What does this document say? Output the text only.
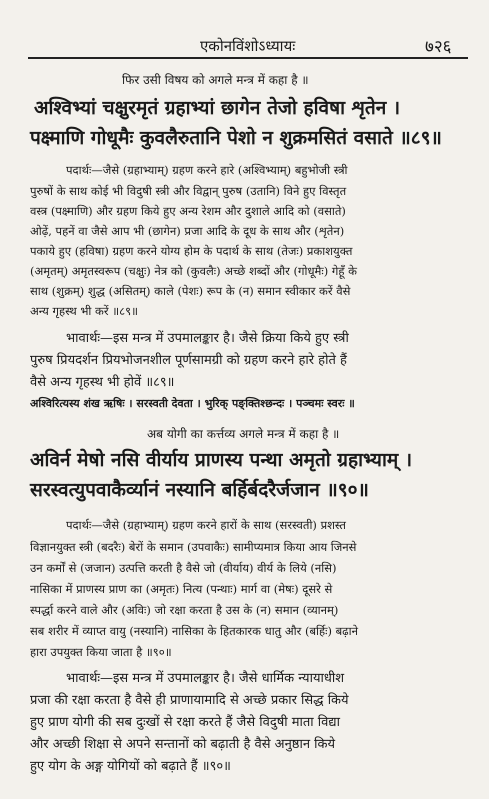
एकोनविंशोऽध्यायः	७२६
फिर उसी विषय को अगले मन्त्र में कहा है ॥
अश्विभ्यां चक्षुरमृतं ग्रहाभ्यां छागेन तेजो हविषा शृतेन ।
पक्ष्माणि गोधूमैः कुवलैरुतानि पेशो न शुक्रमसितं वसाते ॥८९॥
पदार्थः—जैसे (ग्रहाभ्याम्) ग्रहण करने हारे (अश्विभ्याम्) बहुभोजी स्त्री
पुरुषों के साथ कोई भी विदुषी स्त्री और विद्वान् पुरुष (उतानि) विने हुए विस्तृत
वस्त्र (पक्ष्माणि) और ग्रहण किये हुए अन्य रेशम और दुशाले आदि को (वसाते)
ओढ़ें, पहनें वा जैसे आप भी (छागेन) प्रजा आदि के दूध के साथ और (शृतेन)
पकाये हुए (हविषा) ग्रहण करने योग्य होम के पदार्थ के साथ (तेजः) प्रकाशयुक्त
(अमृतम्) अमृतस्वरूप (चक्षुः) नेत्र को (कुवलैः) अच्छे शब्दों और (गोधूमैः) गेहूँ के
साथ (शुक्रम्) शुद्ध (असितम्) काले (पेशः) रूप के (न) समान स्वीकार करें वैसे
अन्य गृहस्थ भी करें ॥८९॥
भावार्थः—इस मन्त्र में उपमालङ्कार है। जैसे क्रिया किये हुए स्त्री
पुरुष प्रियदर्शन प्रियभोजनशील पूर्णसामग्री को ग्रहण करने हारे होते हैं
वैसे अन्य गृहस्थ भी होवें ॥८९॥
अश्विरित्यस्य शंख ऋषिः । सरस्वती देवता । भुरिक् पङ्क्तिश्छन्दः । पञ्चमः स्वरः ॥
अब योगी का कर्त्तव्य अगले मन्त्र में कहा है ॥
अविर्न मेषो नसि वीर्याय प्राणस्य पन्था अमृतो ग्रहाभ्याम् ।
सरस्वत्युपवाकैर्व्यानं नस्यानि बर्हिर्बदरैर्जजान ॥९०॥
पदार्थः—जैसे (ग्रहाभ्याम्) ग्रहण करने हारों के साथ (सरस्वती) प्रशस्त
विज्ञानयुक्त स्त्री (बदरैः) बेरों के समान (उपवाकैः) सामीप्यमात्र किया आय जिनसे
उन कर्मों से (जजान) उत्पत्ति करती है वैसे जो (वीर्याय) वीर्य के लिये (नसि)
नासिका में प्राणस्य प्राण का (अमृतः) नित्य (पन्थाः) मार्ग वा (मेषः) दूसरे से
स्पर्द्धा करने वाले और (अविः) जो रक्षा करता है उस के (न) समान (व्यानम्)
सब शरीर में व्याप्त वायु (नस्यानि) नासिका के हितकारक धातु और (बर्हिः) बढ़ाने
हारा उपयुक्त किया जाता है ॥९०॥
भावार्थः—इस मन्त्र में उपमालङ्कार है। जैसे धार्मिक न्यायाधीश
प्रजा की रक्षा करता है वैसे ही प्राणायामादि से अच्छे प्रकार सिद्ध किये
हुए प्राण योगी की सब दुःखों से रक्षा करते हैं जैसे विदुषी माता विद्या
और अच्छी शिक्षा से अपने सन्तानों को बढ़ाती है वैसे अनुष्ठान किये
हुए योग के अङ्ग योगियों को बढ़ाते हैं ॥९०॥
